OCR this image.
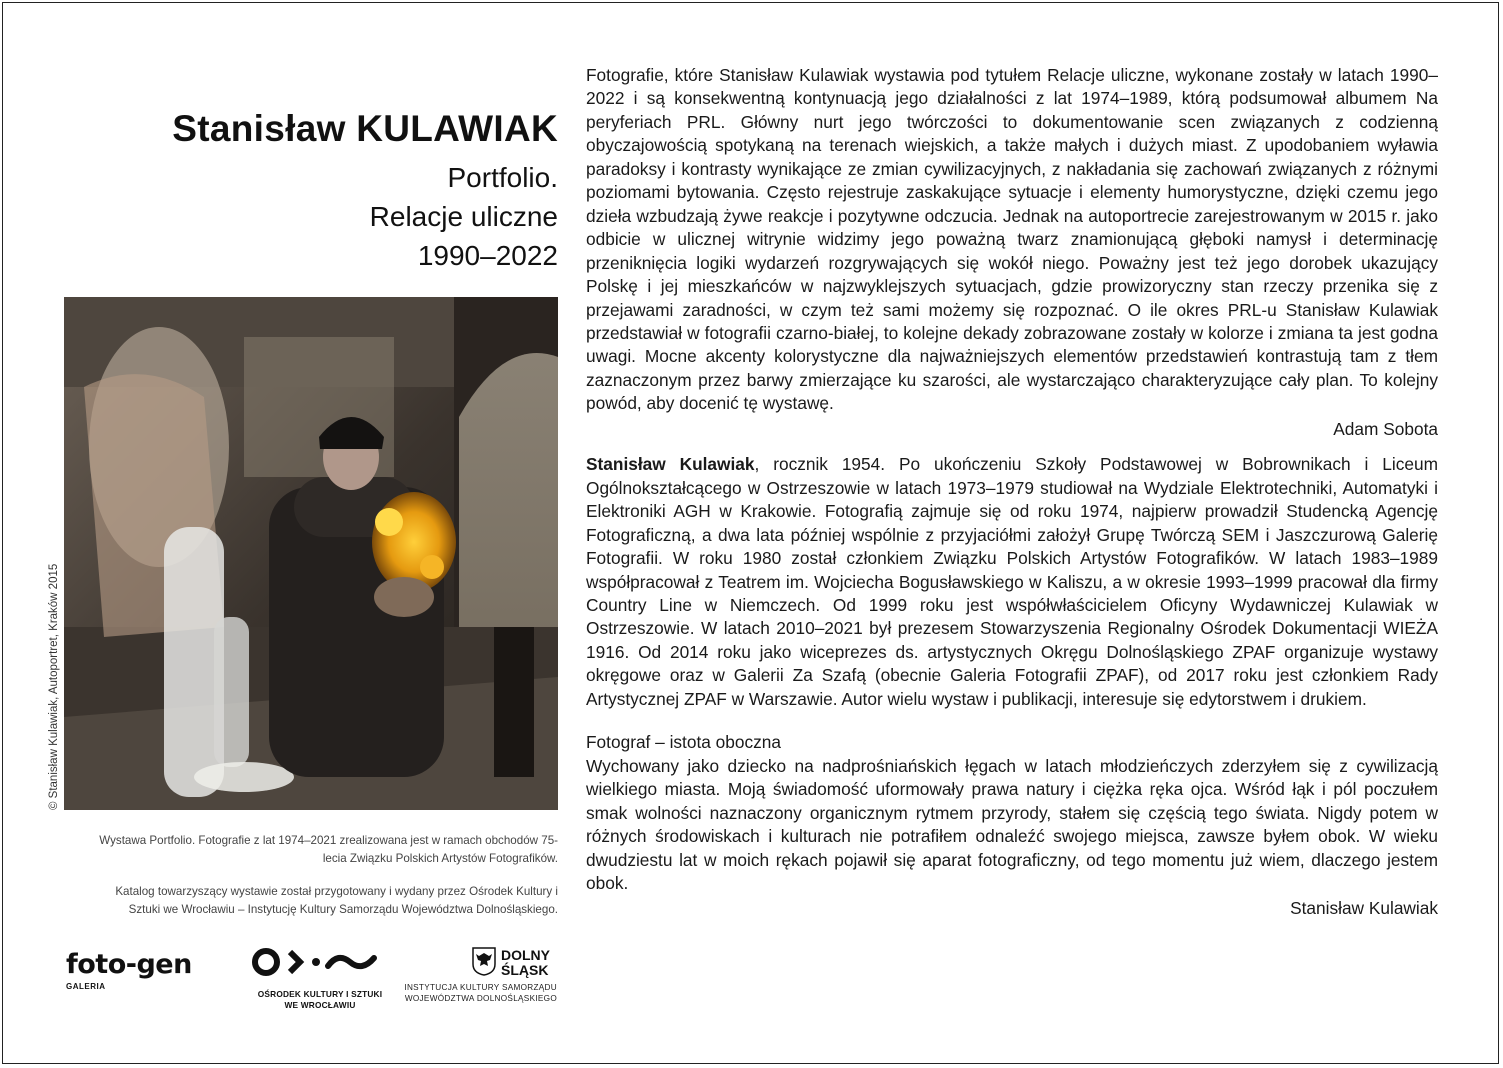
Stanisław KULAWIAK
Portfolio.
Relacje uliczne
1990–2022
© Stanisław Kulawiak, Autoportret, Kraków 2015

Wystawa Portfolio. Fotografie z lat 1974–2021 zrealizowana jest w ramach obchodów 75-lecia Związku Polskich Artystów Fotografików.

Katalog towarzyszący wystawie został przygotowany i wydany przez Ośrodek Kultury i Sztuki we Wrocławiu – Instytucję Kultury Samorządu Województwa Dolnośląskiego.

foto-gen
GALERIA
OŚRODEK KULTURY I SZTUKI
WE WROCŁAWIU
DOLNY
ŚLĄSK
INSTYTUCJA KULTURY SAMORZĄDU
WOJEWÓDZTWA DOLNOŚLĄSKIEGO

Fotografie, które Stanisław Kulawiak wystawia pod tytułem Relacje uliczne, wykonane zostały w latach 1990–2022 i są konsekwentną kontynuacją jego działalności z lat 1974–1989, którą podsumował albumem Na peryferiach PRL. Główny nurt jego twórczości to dokumentowanie scen związanych z codzienną obyczajowością spotykaną na terenach wiejskich, a także małych i dużych miast. Z upodobaniem wyławia paradoksy i kontrasty wynikające ze zmian cywilizacyjnych, z nakładania się zachowań związanych z różnymi poziomami bytowania. Często rejestruje zaskakujące sytuacje i elementy humorystyczne, dzięki czemu jego dzieła wzbudzają żywe reakcje i pozytywne odczucia. Jednak na autoportrecie zarejestrowanym w 2015 r. jako odbicie w ulicznej witrynie widzimy jego poważną twarz znamionującą głęboki namysł i determinację przeniknięcia logiki wydarzeń rozgrywających się wokół niego. Poważny jest też jego dorobek ukazujący Polskę i jej mieszkańców w najzwyklejszych sytuacjach, gdzie prowizoryczny stan rzeczy przenika się z przejawami zaradności, w czym też sami możemy się rozpoznać. O ile okres PRL-u Stanisław Kulawiak przedstawiał w fotografii czarno-białej, to kolejne dekady zobrazowane zostały w kolorze i zmiana ta jest godna uwagi. Mocne akcenty kolorystyczne dla najważniejszych elementów przedstawień kontrastują tam z tłem zaznaczonym przez barwy zmierzające ku szarości, ale wystarczająco charakteryzujące cały plan. To kolejny powód, aby docenić tę wystawę.

Adam Sobota

Stanisław Kulawiak, rocznik 1954. Po ukończeniu Szkoły Podstawowej w Bobrownikach i Liceum Ogólnokształcącego w Ostrzeszowie w latach 1973–1979 studiował na Wydziale Elektrotechniki, Automatyki i Elektroniki AGH w Krakowie. Fotografią zajmuje się od roku 1974, najpierw prowadził Studencką Agencję Fotograficzną, a dwa lata później wspólnie z przyjaciółmi założył Grupę Twórczą SEM i Jaszczurową Galerię Fotografii. W roku 1980 został członkiem Związku Polskich Artystów Fotografików. W latach 1983–1989 współpracował z Teatrem im. Wojciecha Bogusławskiego w Kaliszu, a w okresie 1993–1999 pracował dla firmy Country Line w Niemczech. Od 1999 roku jest współwłaścicielem Oficyny Wydawniczej Kulawiak w Ostrzeszowie. W latach 2010–2021 był prezesem Stowarzyszenia Regionalny Ośrodek Dokumentacji WIEŻA 1916. Od 2014 roku jako wiceprezes ds. artystycznych Okręgu Dolnośląskiego ZPAF organizuje wystawy okręgowe oraz w Galerii Za Szafą (obecnie Galeria Fotografii ZPAF), od 2017 roku jest członkiem Rady Artystycznej ZPAF w Warszawie. Autor wielu wystaw i publikacji, interesuje się edytorstwem i drukiem.

Fotograf – istota oboczna

Wychowany jako dziecko na nadprośniańskich łęgach w latach młodzieńczych zderzyłem się z cywilizacją wielkiego miasta. Moją świadomość uformowały prawa natury i ciężka ręka ojca. Wśród łąk i pól poczułem smak wolności naznaczony organicznym rytmem przyrody, stałem się częścią tego świata. Nigdy potem w różnych środowiskach i kulturach nie potrafiłem odnaleźć swojego miejsca, zawsze byłem obok. W wieku dwudziestu lat w moich rękach pojawił się aparat fotograficzny, od tego momentu już wiem, dlaczego jestem obok.

Stanisław Kulawiak
